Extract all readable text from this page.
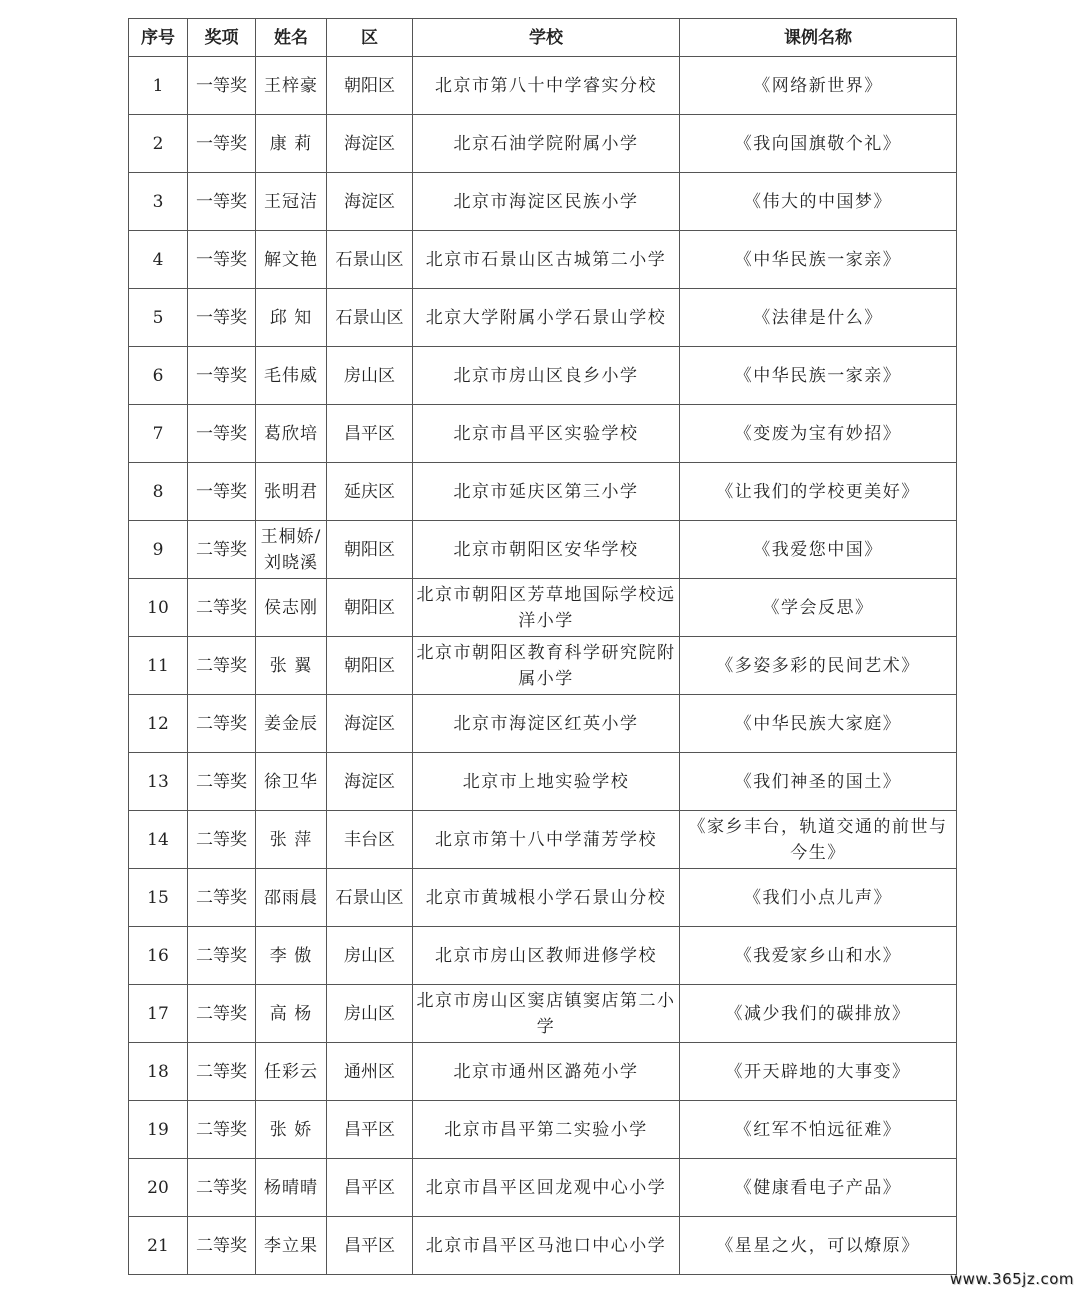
序号	奖项	姓名	区	学校	课例名称
1	一等奖	王梓豪	朝阳区	北京市第八十中学睿实分校	《网络新世界》
2	一等奖	康 莉	海淀区	北京石油学院附属小学	《我向国旗敬个礼》
3	一等奖	王冠洁	海淀区	北京市海淀区民族小学	《伟大的中国梦》
4	一等奖	解文艳	石景山区	北京市石景山区古城第二小学	《中华民族一家亲》
5	一等奖	邱 知	石景山区	北京大学附属小学石景山学校	《法律是什么》
6	一等奖	毛伟威	房山区	北京市房山区良乡小学	《中华民族一家亲》
7	一等奖	葛欣培	昌平区	北京市昌平区实验学校	《变废为宝有妙招》
8	一等奖	张明君	延庆区	北京市延庆区第三小学	《让我们的学校更美好》
9	二等奖	王桐娇/刘晓溪	朝阳区	北京市朝阳区安华学校	《我爱您中国》
10	二等奖	侯志刚	朝阳区	北京市朝阳区芳草地国际学校远洋小学	《学会反思》
11	二等奖	张 翼	朝阳区	北京市朝阳区教育科学研究院附属小学	《多姿多彩的民间艺术》
12	二等奖	姜金辰	海淀区	北京市海淀区红英小学	《中华民族大家庭》
13	二等奖	徐卫华	海淀区	北京市上地实验学校	《我们神圣的国土》
14	二等奖	张 萍	丰台区	北京市第十八中学蒲芳学校	《家乡丰台，轨道交通的前世与今生》
15	二等奖	邵雨晨	石景山区	北京市黄城根小学石景山分校	《我们小点儿声》
16	二等奖	李 傲	房山区	北京市房山区教师进修学校	《我爱家乡山和水》
17	二等奖	高 杨	房山区	北京市房山区窦店镇窦店第二小学	《减少我们的碳排放》
18	二等奖	任彩云	通州区	北京市通州区潞苑小学	《开天辟地的大事变》
19	二等奖	张 娇	昌平区	北京市昌平第二实验小学	《红军不怕远征难》
20	二等奖	杨晴晴	昌平区	北京市昌平区回龙观中心小学	《健康看电子产品》
21	二等奖	李立果	昌平区	北京市昌平区马池口中心小学	《星星之火，可以燎原》
www.365jz.com
